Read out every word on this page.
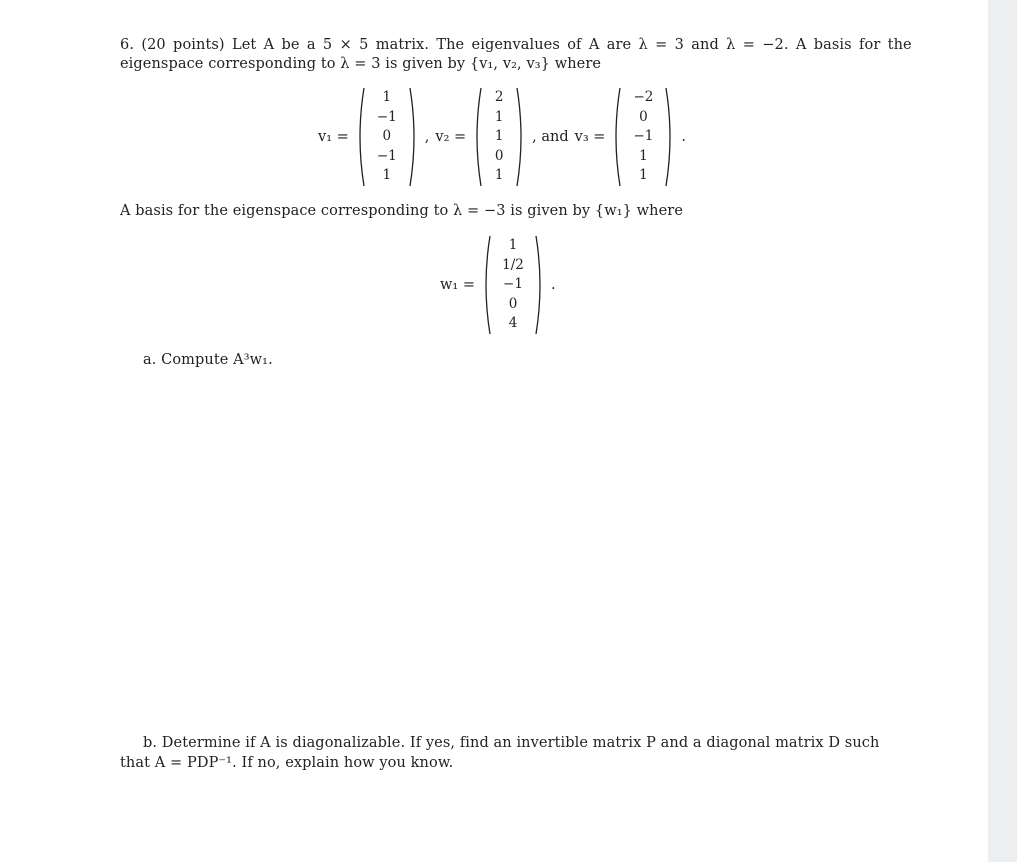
6. (20 points) Let A be a 5 × 5 matrix. The eigenvalues of A are λ = 3 and λ = −2. A basis for the

eigenspace corresponding to λ = 3 is given by {v₁, v₂, v₃} where

v₁ =
1
−1
0
−1
1
, v₂ =
2
1
1
0
1
, and v₃ =
−2
0
−1
1
1
.

A basis for the eigenspace corresponding to λ = −3 is given by {w₁} where

w₁ =
1
1/2
−1
0
4
.

a. Compute A³w₁.

b. Determine if A is diagonalizable. If yes, find an invertible matrix P and a diagonal matrix D such

that A = PDP⁻¹. If no, explain how you know.
